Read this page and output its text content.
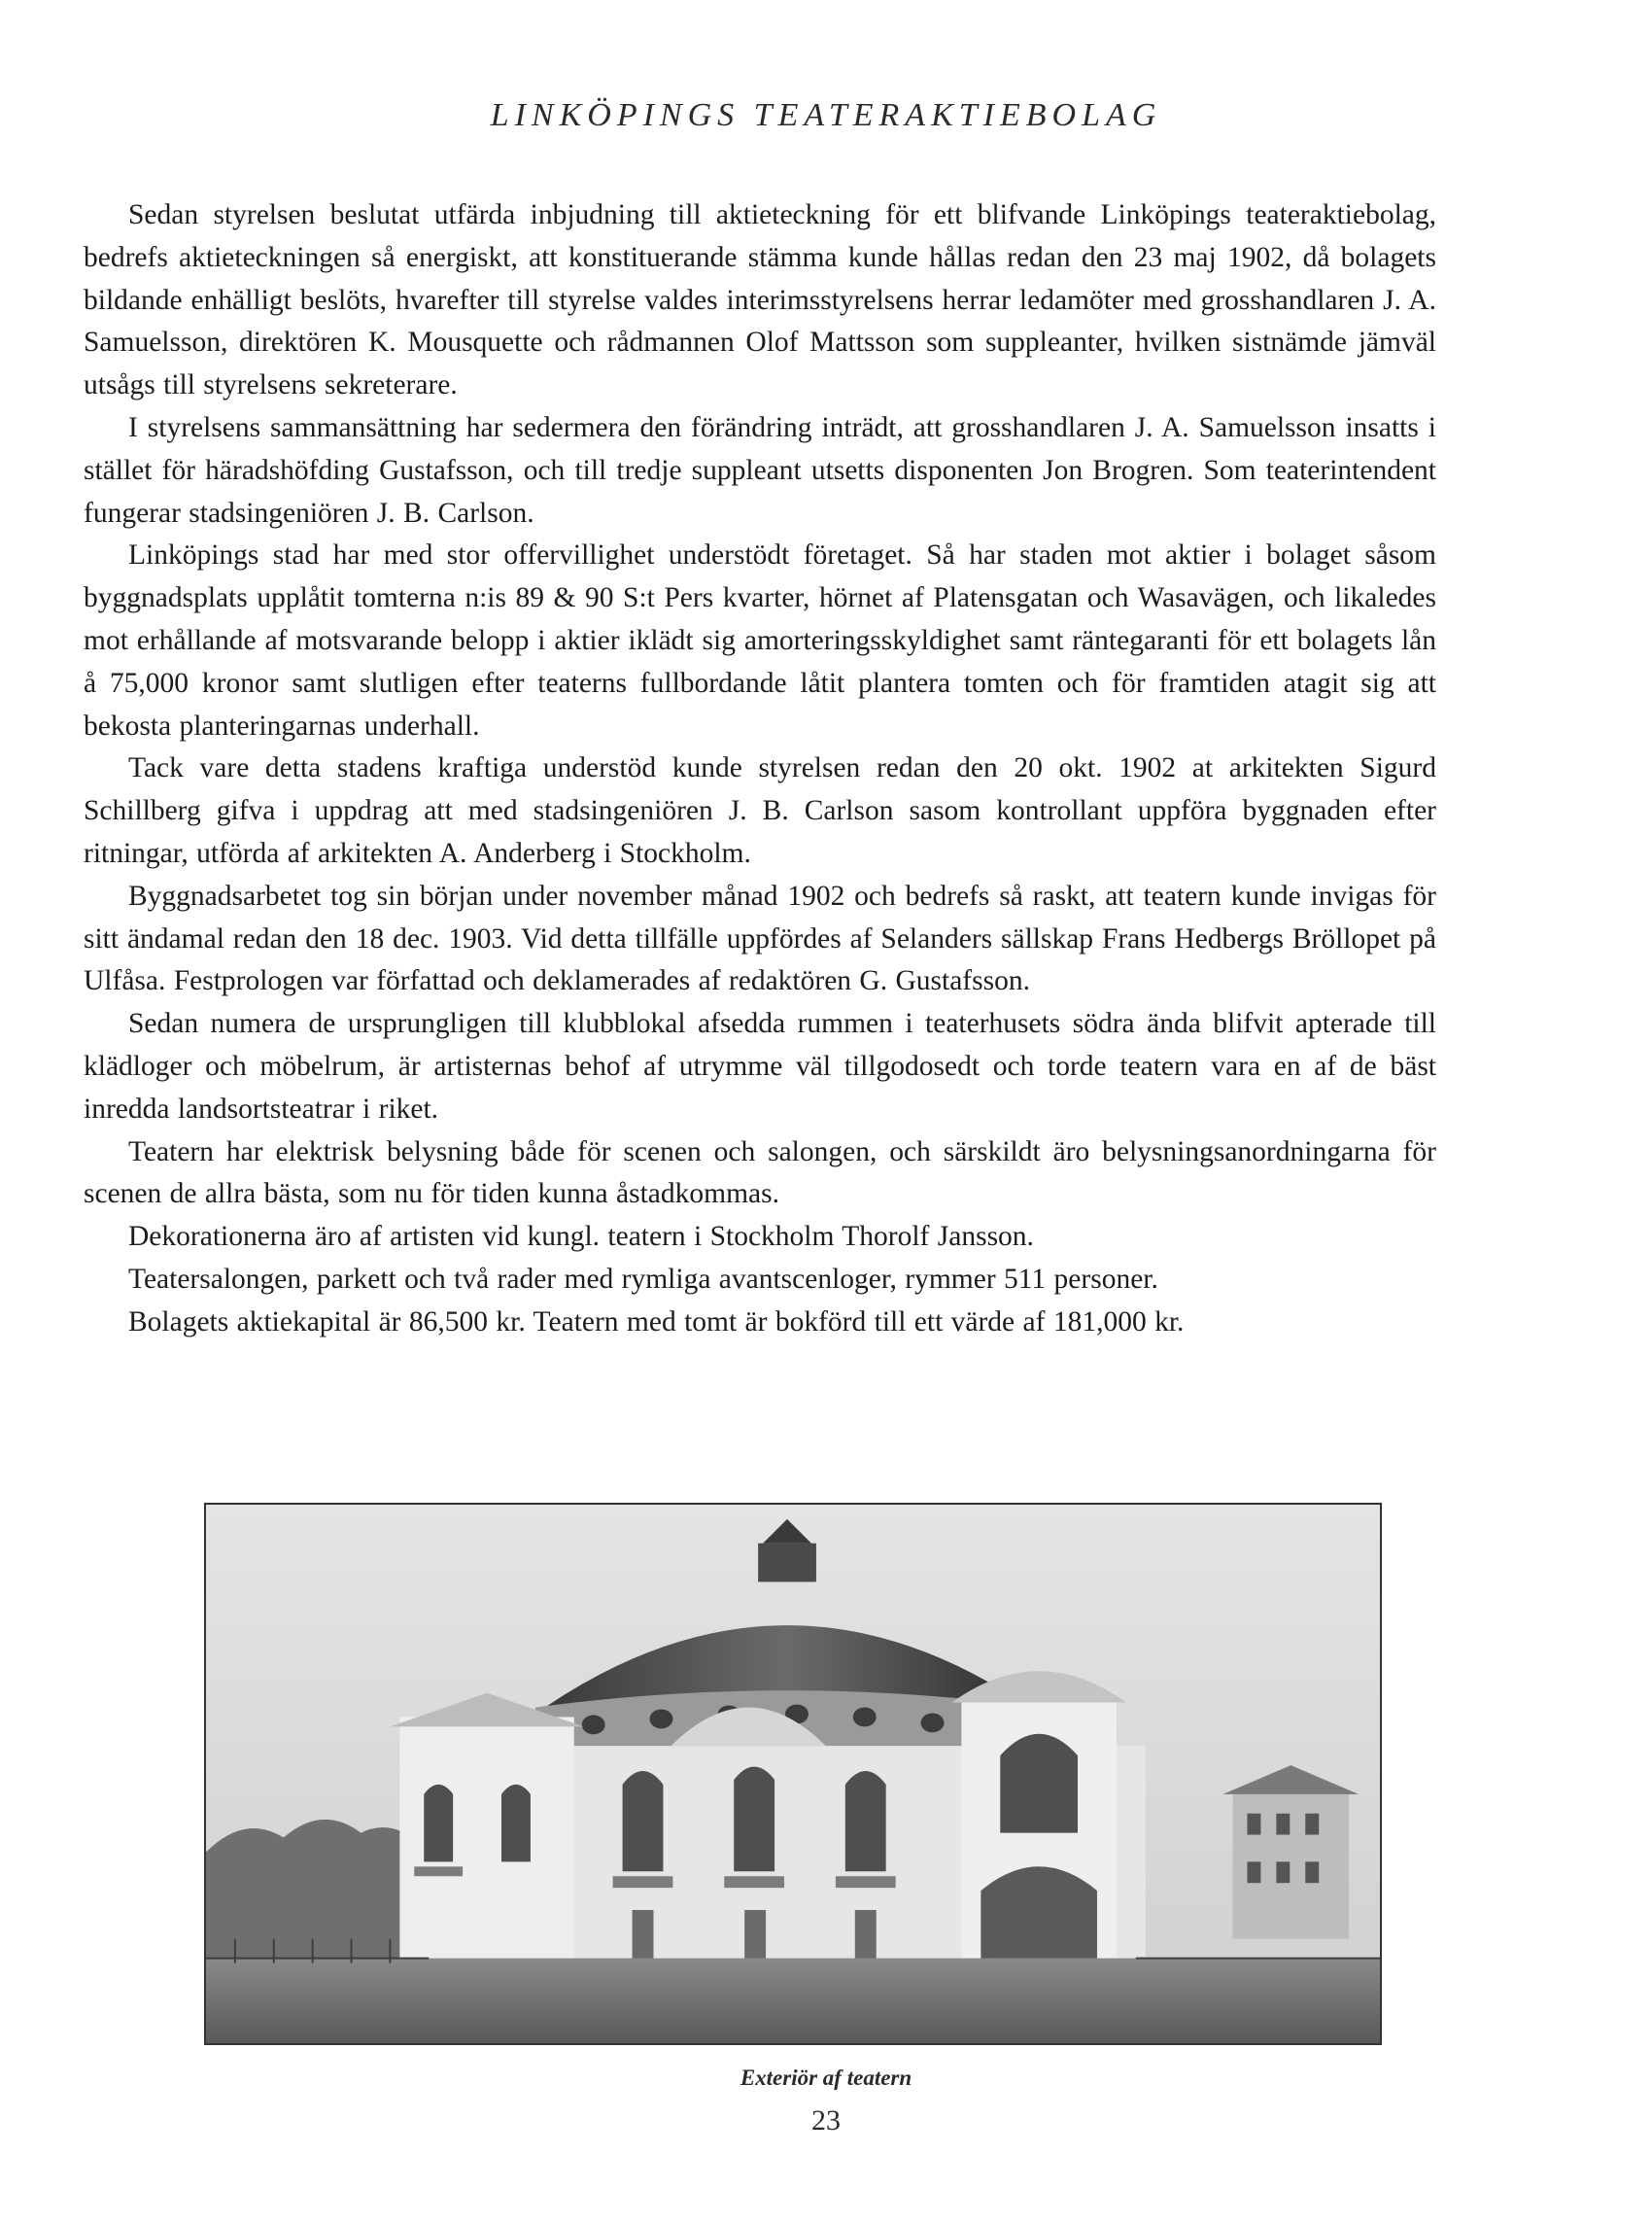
LINKÖPINGS TEATERAKTIEBOLAG

Sedan styrelsen beslutat utfärda inbjudning till aktieteckning för ett blifvande Linköpings teateraktiebolag, bedrefs aktieteckningen så energiskt, att konstituerande stämma kunde hållas redan den 23 maj 1902, då bolagets bildande enhälligt beslöts, hvarefter till styrelse valdes interimsstyrelsens herrar ledamöter med grosshandlaren J. A. Samuelsson, direktören K. Mousquette och rådmannen Olof Mattsson som suppleanter, hvilken sistnämde jämväl utsågs till styrelsens sekreterare.

I styrelsens sammansättning har sedermera den förändring inträdt, att grosshandlaren J. A. Samuelsson insatts i stället för häradshöfding Gustafsson, och till tredje suppleant utsetts disponenten Jon Brogren. Som teaterintendent fungerar stadsingeniören J. B. Carlson.

Linköpings stad har med stor offervillighet understödt företaget. Så har staden mot aktier i bolaget såsom byggnadsplats upplåtit tomterna n:is 89 & 90 S:t Pers kvarter, hörnet af Platensgatan och Wasavägen, och likaledes mot erhållande af motsvarande belopp i aktier iklädt sig amorteringsskyldighet samt räntegaranti för ett bolagets lån å 75,000 kronor samt slutligen efter teaterns fullbordande låtit plantera tomten och för framtiden atagit sig att bekosta planteringarnas underhall.

Tack vare detta stadens kraftiga understöd kunde styrelsen redan den 20 okt. 1902 at arkitekten Sigurd Schillberg gifva i uppdrag att med stadsingeniören J. B. Carlson sasom kontrollant uppföra byggnaden efter ritningar, utförda af arkitekten A. Anderberg i Stockholm.

Byggnadsarbetet tog sin början under november månad 1902 och bedrefs så raskt, att teatern kunde invigas för sitt ändamal redan den 18 dec. 1903. Vid detta tillfälle uppfördes af Selanders sällskap Frans Hedbergs Bröllopet på Ulfåsa. Festprologen var författad och deklamerades af redaktören G. Gustafsson.

Sedan numera de ursprungligen till klubblokal afsedda rummen i teaterhusets södra ända blifvit apterade till klädloger och möbelrum, är artisternas behof af utrymme väl tillgodosedt och torde teatern vara en af de bäst inredda landsortsteatrar i riket.

Teatern har elektrisk belysning både för scenen och salongen, och särskildt äro belysningsanordningarna för scenen de allra bästa, som nu för tiden kunna åstadkommas.

Dekorationerna äro af artisten vid kungl. teatern i Stockholm Thorolf Jansson.

Teatersalongen, parkett och två rader med rymliga avantscenloger, rymmer 511 personer.

Bolagets aktiekapital är 86,500 kr. Teatern med tomt är bokförd till ett värde af 181,000 kr.

Exteriör af teatern
23
